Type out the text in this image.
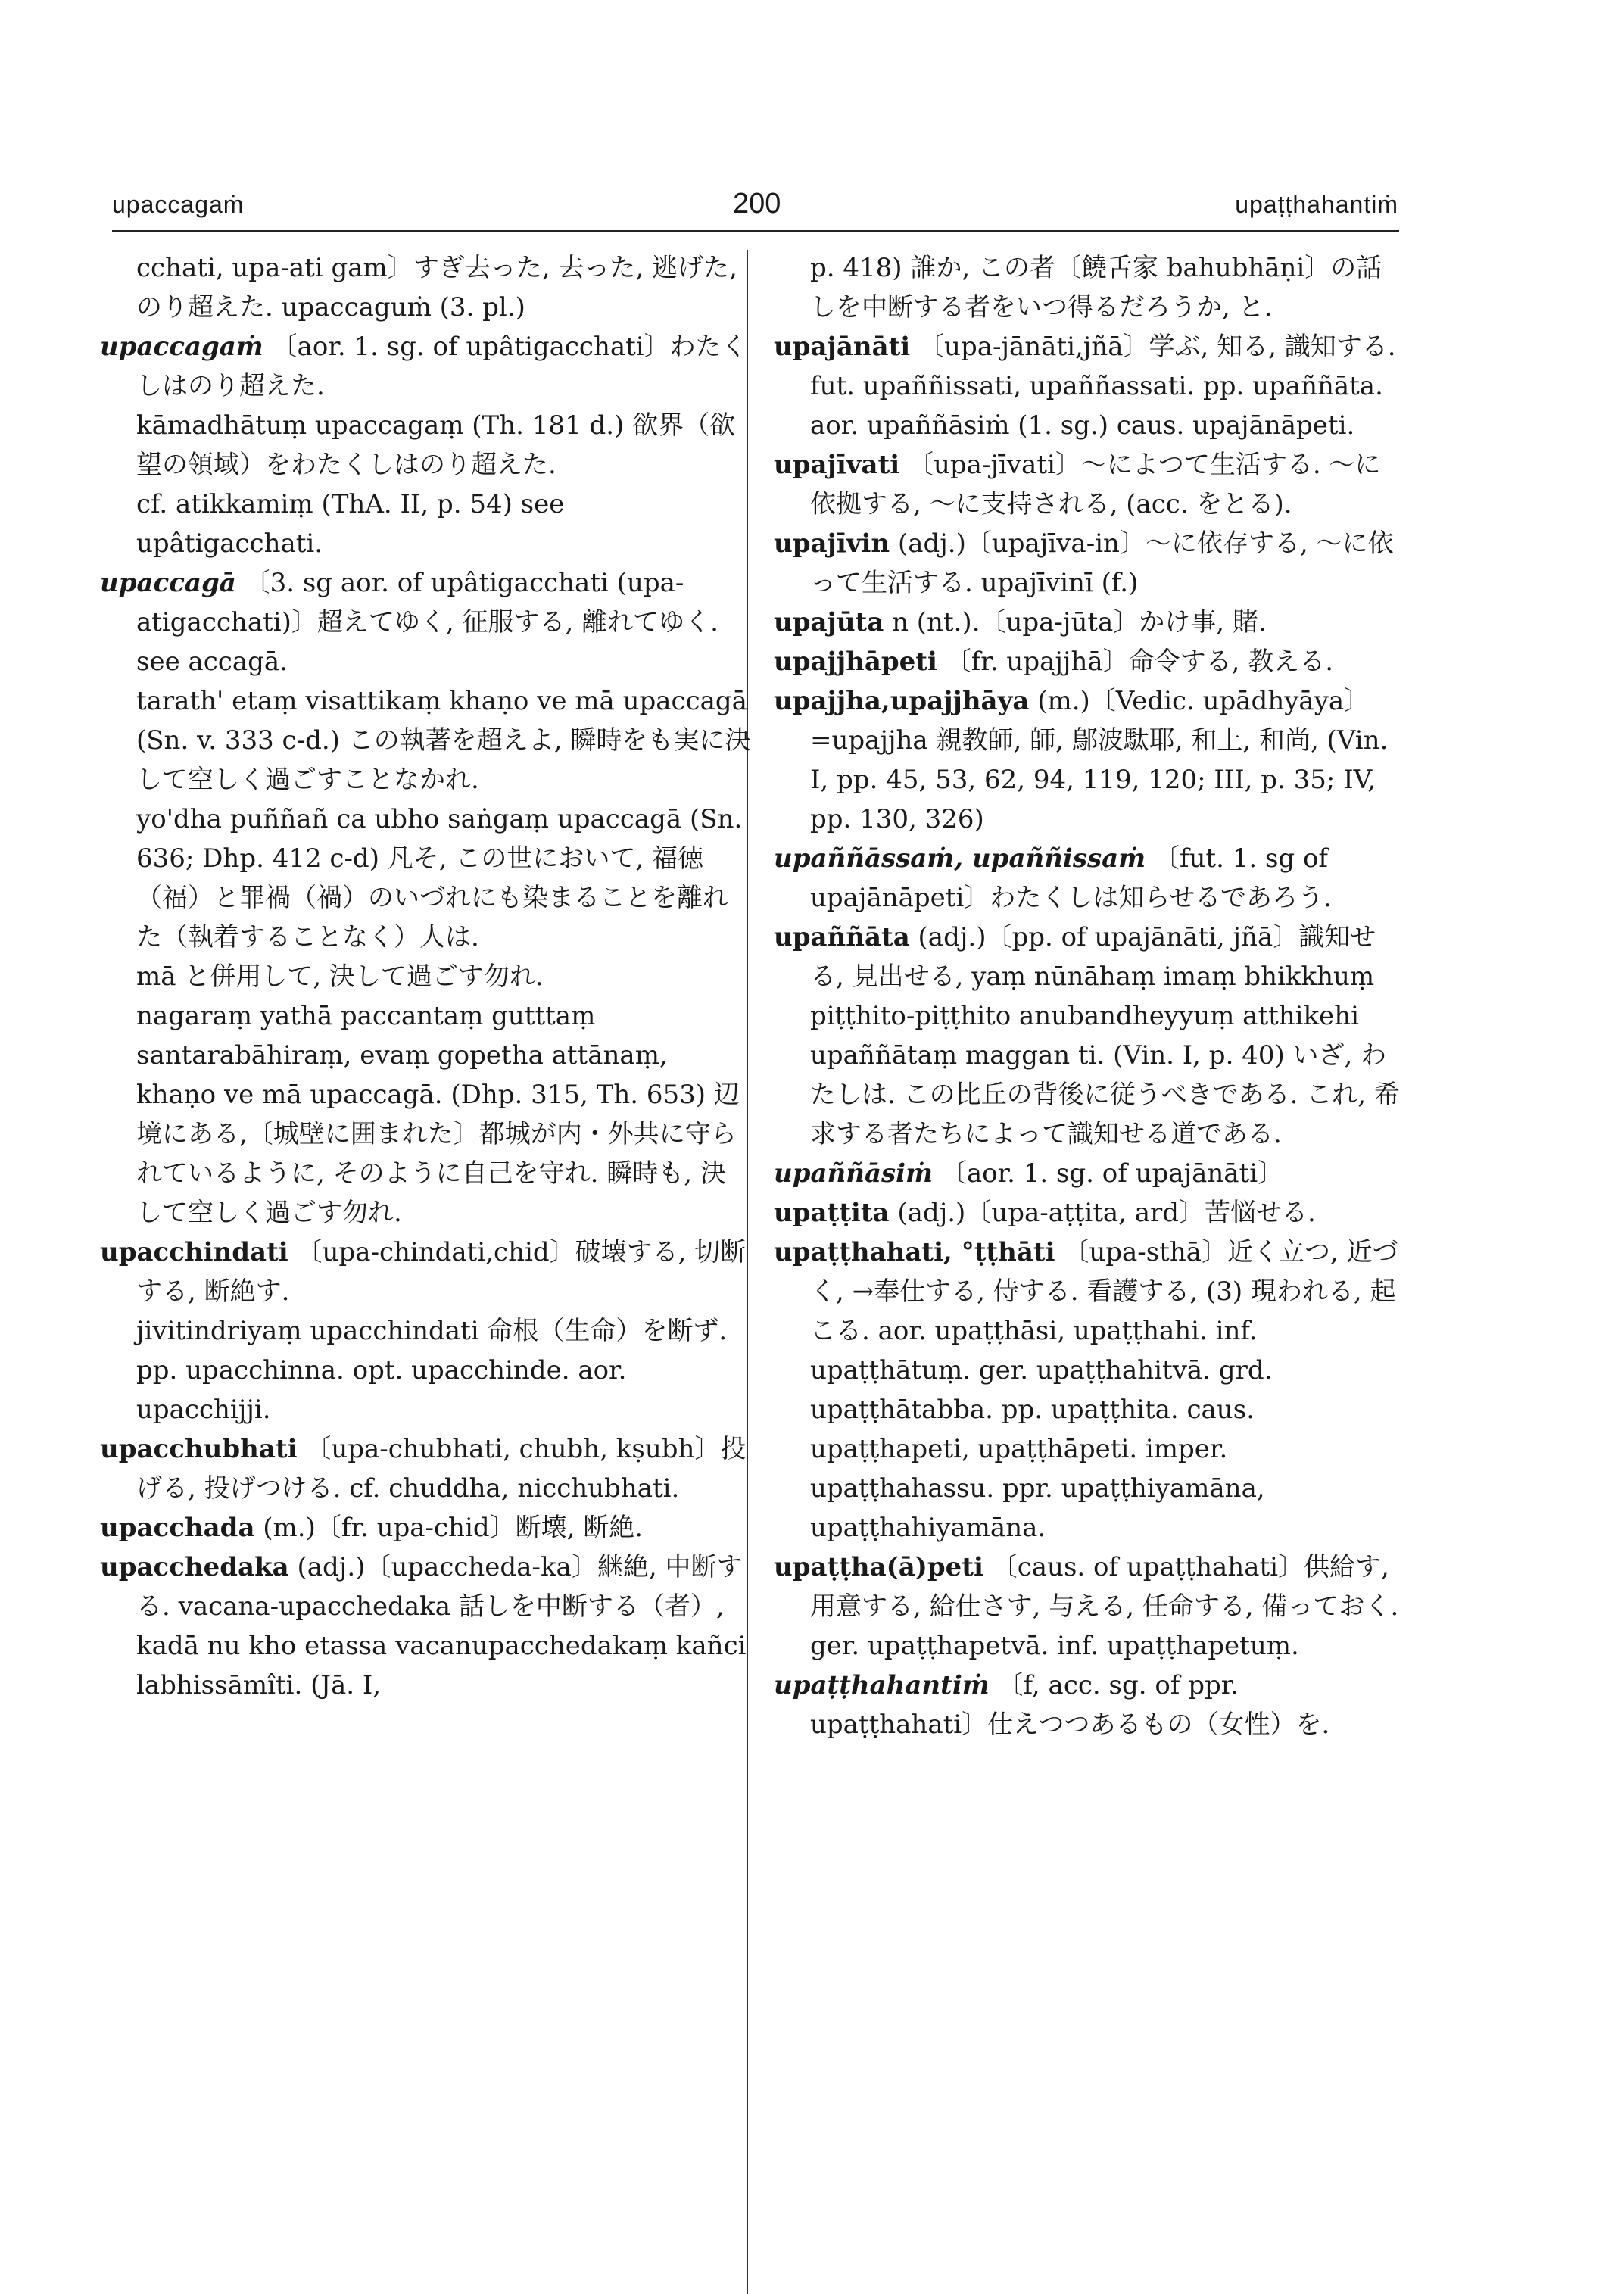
upaccagaṁ	200	upaṭṭhahantiṁ

cchati, upa-ati gam〕すぎ去った, 去った, 逃げた, のり超えた. upaccaguṁ (3. pl.)

upaccagaṁ 〔aor. 1. sg. of upâtigacchati〕わたくしはのり超えた.

kāmadhātuṃ upaccagaṃ (Th. 181 d.) 欲界（欲望の領域）をわたくしはのり超えた.

cf. atikkamiṃ (ThA. II, p. 54) see upâtigacchati.

upaccagā 〔3. sg aor. of upâtigacchati (upa-atigacchati)〕超えてゆく, 征服する, 離れてゆく.

see accagā.

tarath' etaṃ visattikaṃ khaṇo ve mā upaccagā (Sn. v. 333 c-d.) この執著を超えよ, 瞬時をも実に決して空しく過ごすことなかれ.

yo'dha puññañ ca ubho saṅgaṃ upaccagā (Sn. 636; Dhp. 412 c-d) 凡そ, この世において, 福徳（福）と罪禍（禍）のいづれにも染まることを離れた（執着することなく）人は.

mā と併用して, 決して過ごす勿れ.

nagaraṃ yathā paccantaṃ gutttaṃ santarabāhiraṃ, evaṃ gopetha attānaṃ, khaṇo ve mā upaccagā. (Dhp. 315, Th. 653) 辺境にある,〔城壁に囲まれた〕都城が内・外共に守られているように, そのように自己を守れ. 瞬時も, 決して空しく過ごす勿れ.

upacchindati 〔upa-chindati,chid〕破壊する, 切断する, 断絶す.

jivitindriyaṃ upacchindati 命根（生命）を断ず. pp. upacchinna. opt. upacchinde. aor. upacchijji.

upacchubhati 〔upa-chubhati, chubh, kṣubh〕投げる, 投げつける. cf. chuddha, nicchubhati.

upacchada (m.)〔fr. upa-chid〕断壊, 断絶.

upacchedaka (adj.)〔upaccheda-ka〕継絶, 中断する. vacana-upacchedaka 話しを中断する（者）, kadā nu kho etassa vacanupacchedakaṃ kañci labhissāmîti. (Jā. I,

p. 418) 誰か, この者〔饒舌家 bahubhāṇi〕の話しを中断する者をいつ得るだろうか, と.

upajānāti 〔upa-jānāti,jñā〕学ぶ, 知る, 識知する. fut. upaññissati, upaññassati. pp. upaññāta. aor. upaññāsiṁ (1. sg.) caus. upajānāpeti.

upajīvati 〔upa-jīvati〕〜によつて生活する. 〜に依拠する, 〜に支持される, (acc. をとる).

upajīvin (adj.)〔upajīva-in〕〜に依存する, 〜に依って生活する. upajīvinī (f.)

upajūta n (nt.).〔upa-jūta〕かけ事, 賭.

upajjhāpeti 〔fr. upajjhā〕命令する, 教える.

upajjha,upajjhāya (m.)〔Vedic. upādhyāya〕=upajjha 親教師, 師, 鄔波駄耶, 和上, 和尚, (Vin. I, pp. 45, 53, 62, 94, 119, 120; III, p. 35; IV, pp. 130, 326)

upaññāssaṁ, upaññissaṁ 〔fut. 1. sg of upajānāpeti〕わたくしは知らせるであろう.

upaññāta (adj.)〔pp. of upajānāti, jñā〕識知せる, 見出せる, yaṃ nūnāhaṃ imaṃ bhikkhuṃ piṭṭhito-piṭṭhito anubandheyyuṃ atthikehi upaññātaṃ maggan ti. (Vin. I, p. 40) いざ, わたしは. この比丘の背後に従うべきである. これ, 希求する者たちによって識知せる道である.

upaññāsiṁ 〔aor. 1. sg. of upajānāti〕

upaṭṭita (adj.)〔upa-aṭṭita, ard〕苦悩せる.

upaṭṭhahati, °ṭṭhāti 〔upa-sthā〕近く立つ, 近づく, →奉仕する, 侍する. 看護する, (3) 現われる, 起こる. aor. upaṭṭhāsi, upaṭṭhahi. inf. upaṭṭhātuṃ. ger. upaṭṭhahitvā. grd. upaṭṭhātabba. pp. upaṭṭhita. caus. upaṭṭhapeti, upaṭṭhāpeti. imper. upaṭṭhahassu. ppr. upaṭṭhiyamāna, upaṭṭhahiyamāna.

upaṭṭha(ā)peti 〔caus. of upaṭṭhahati〕供給す, 用意する, 給仕さす, 与える, 任命する, 備っておく. ger. upaṭṭhapetvā. inf. upaṭṭhapetuṃ.

upaṭṭhahantiṁ 〔f, acc. sg. of ppr. upaṭṭhahati〕仕えつつあるもの（女性）を.
